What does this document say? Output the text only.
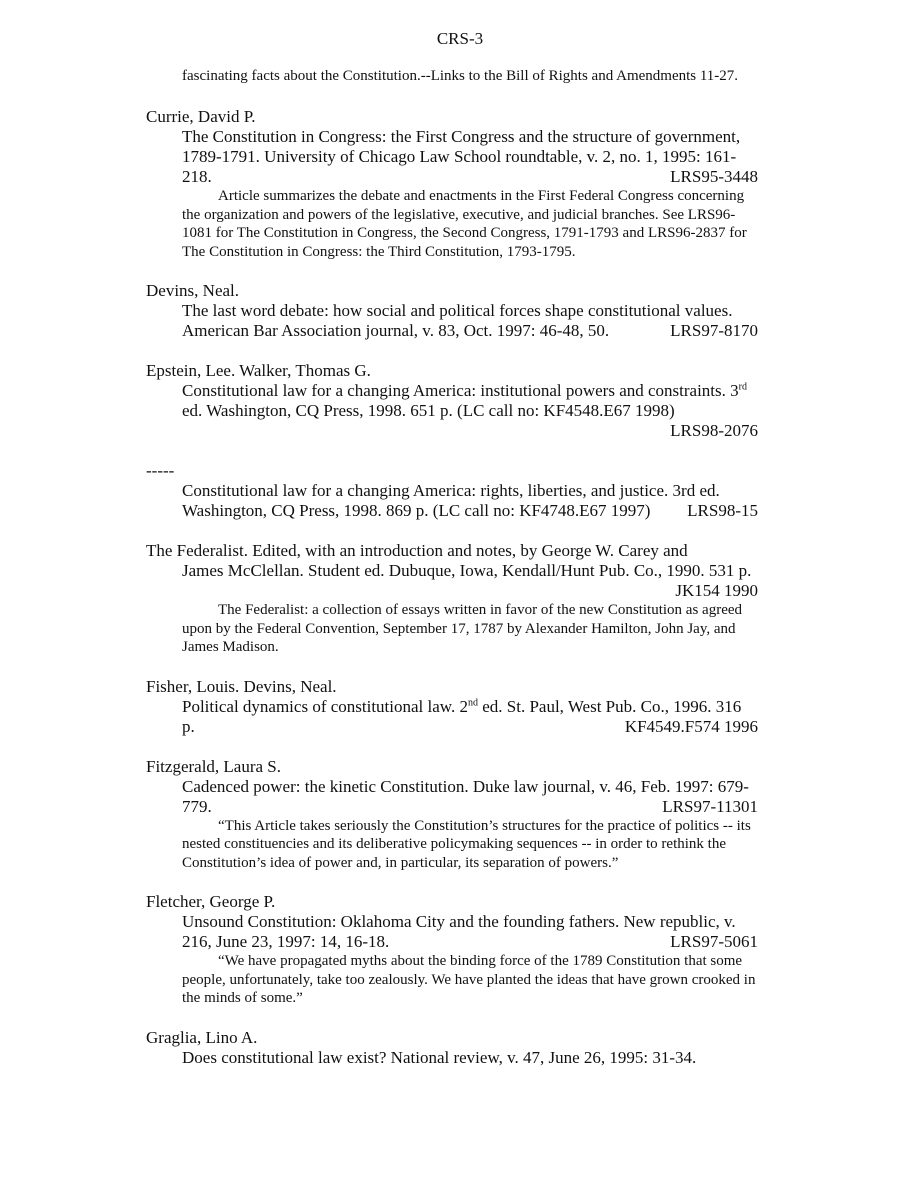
CRS-3
fascinating facts about the Constitution.--Links to the Bill of Rights and Amendments 11-27.
Currie, David P.
The Constitution in Congress: the First Congress and the structure of government, 1789-1791. University of Chicago Law School roundtable, v. 2, no. 1, 1995: 161-218.	LRS95-3448
Article summarizes the debate and enactments in the First Federal Congress concerning the organization and powers of the legislative, executive, and judicial branches. See LRS96-1081 for The Constitution in Congress, the Second Congress, 1791-1793 and LRS96-2837 for The Constitution in Congress: the Third Constitution, 1793-1795.
Devins, Neal.
The last word debate: how social and political forces shape constitutional values. American Bar Association journal, v. 83, Oct. 1997: 46-48, 50.	LRS97-8170
Epstein, Lee. Walker, Thomas G.
Constitutional law for a changing America: institutional powers and constraints. 3rd ed. Washington, CQ Press, 1998. 651 p. (LC call no: KF4548.E67 1998)
LRS98-2076
-----
Constitutional law for a changing America: rights, liberties, and justice. 3rd ed. Washington, CQ Press, 1998. 869 p. (LC call no: KF4748.E67 1997) LRS98-15
The Federalist. Edited, with an introduction and notes, by George W. Carey and
James McClellan. Student ed. Dubuque, Iowa, Kendall/Hunt Pub. Co., 1990. 531 p.
JK154 1990
The Federalist: a collection of essays written in favor of the new Constitution as agreed upon by the Federal Convention, September 17, 1787 by Alexander Hamilton, John Jay, and James Madison.
Fisher, Louis. Devins, Neal.
Political dynamics of constitutional law. 2nd ed. St. Paul, West Pub. Co., 1996. 316 p.	KF4549.F574 1996
Fitzgerald, Laura S.
Cadenced power: the kinetic Constitution. Duke law journal, v. 46, Feb. 1997: 679-779.	LRS97-11301
“This Article takes seriously the Constitution’s structures for the practice of politics -- its nested constituencies and its deliberative policymaking sequences -- in order to rethink the Constitution’s idea of power and, in particular, its separation of powers.”
Fletcher, George P.
Unsound Constitution: Oklahoma City and the founding fathers. New republic, v. 216, June 23, 1997: 14, 16-18.	LRS97-5061
“We have propagated myths about the binding force of the 1789 Constitution that some people, unfortunately, take too zealously. We have planted the ideas that have grown crooked in the minds of some.”
Graglia, Lino A.
Does constitutional law exist? National review, v. 47, June 26, 1995: 31-34.
